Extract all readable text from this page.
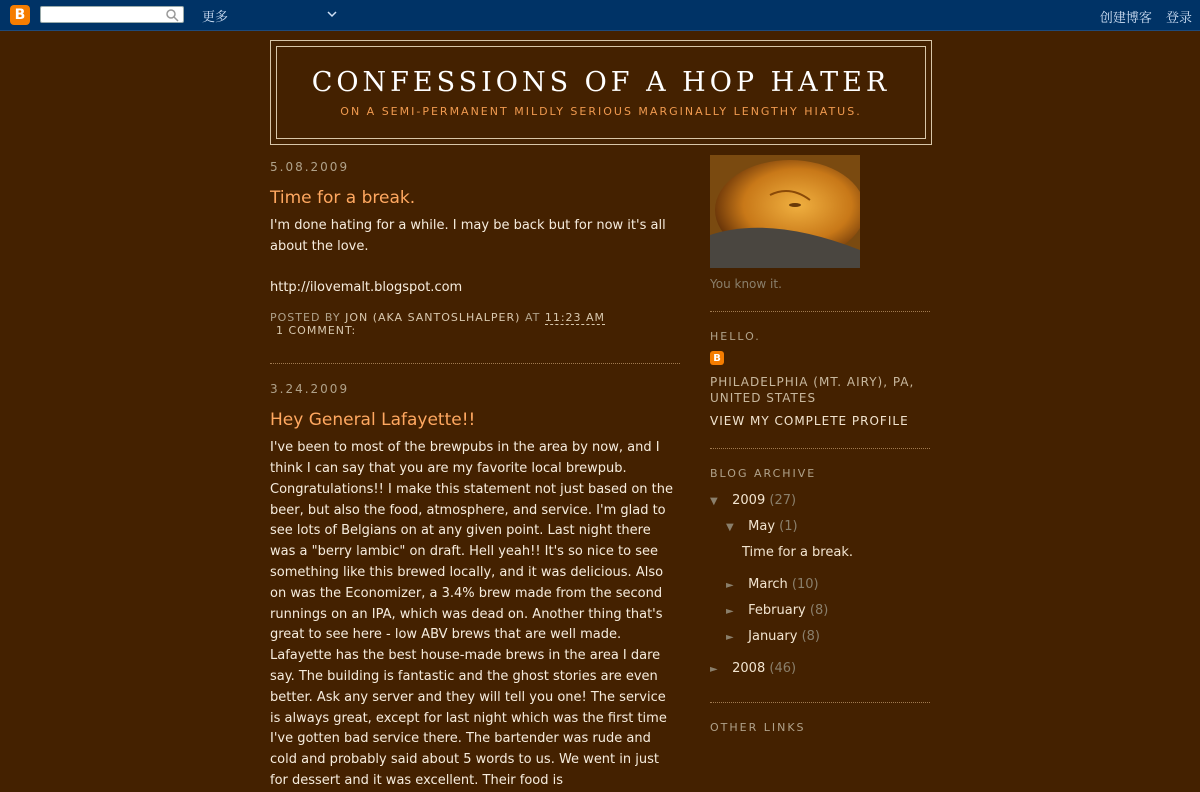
B	更多	创建博客 登录
CONFESSIONS OF A HOP HATER
ON A SEMI-PERMANENT MILDLY SERIOUS MARGINALLY LENGTHY HIATUS.
5.08.2009
Time for a break.
I'm done hating for a while. I may be back but for now it's all about the love.
http://ilovemalt.blogspot.com
POSTED BY JON (AKA SANTOSLHALPER) AT 11:23 AM
1 COMMENT:
3.24.2009
Hey General Lafayette!!
I've been to most of the brewpubs in the area by now, and I think I can say that you are my favorite local brewpub. Congratulations!! I make this statement not just based on the beer, but also the food, atmosphere, and service. I'm glad to see lots of Belgians on at any given point. Last night there was a "berry lambic" on draft. Hell yeah!! It's so nice to see something like this brewed locally, and it was delicious. Also on was the Economizer, a 3.4% brew made from the second runnings on an IPA, which was dead on. Another thing that's great to see here - low ABV brews that are well made. Lafayette has the best house-made brews in the area I dare say. The building is fantastic and the ghost stories are even better. Ask any server and they will tell you one! The service is always great, except for last night which was the first time I've gotten bad service there. The bartender was rude and cold and probably said about 5 words to us. We went in just for dessert and it was excellent. Their food is
You know it.
HELLO.
B
PHILADELPHIA (MT. AIRY), PA, UNITED STATES
VIEW MY COMPLETE PROFILE
BLOG ARCHIVE
▼ 2009 (27)
▼ May (1)
Time for a break.
► March (10)
► February (8)
► January (8)
► 2008 (46)
OTHER LINKS
